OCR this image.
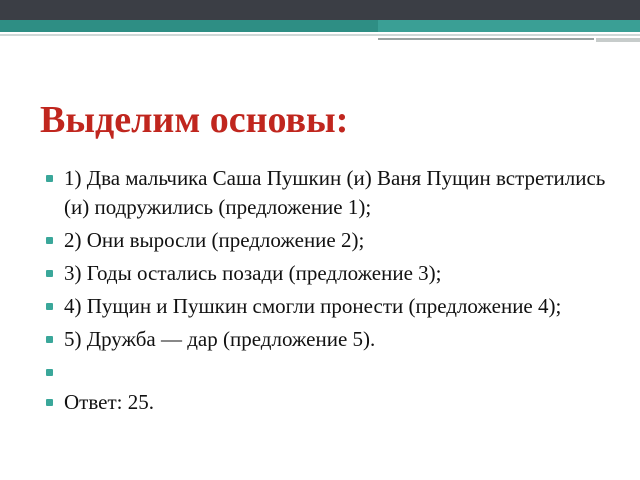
Выделим основы:
1) Два мальчика Саша Пушкин (и) Ваня Пущин встретились (и) подружились (предложение 1);
2) Они выросли (предложение 2);
3) Годы остались позади (предложение 3);
4) Пущин и Пушкин смогли пронести (предложение 4);
5) Дружба — дар (предложение 5).
Ответ: 25.
